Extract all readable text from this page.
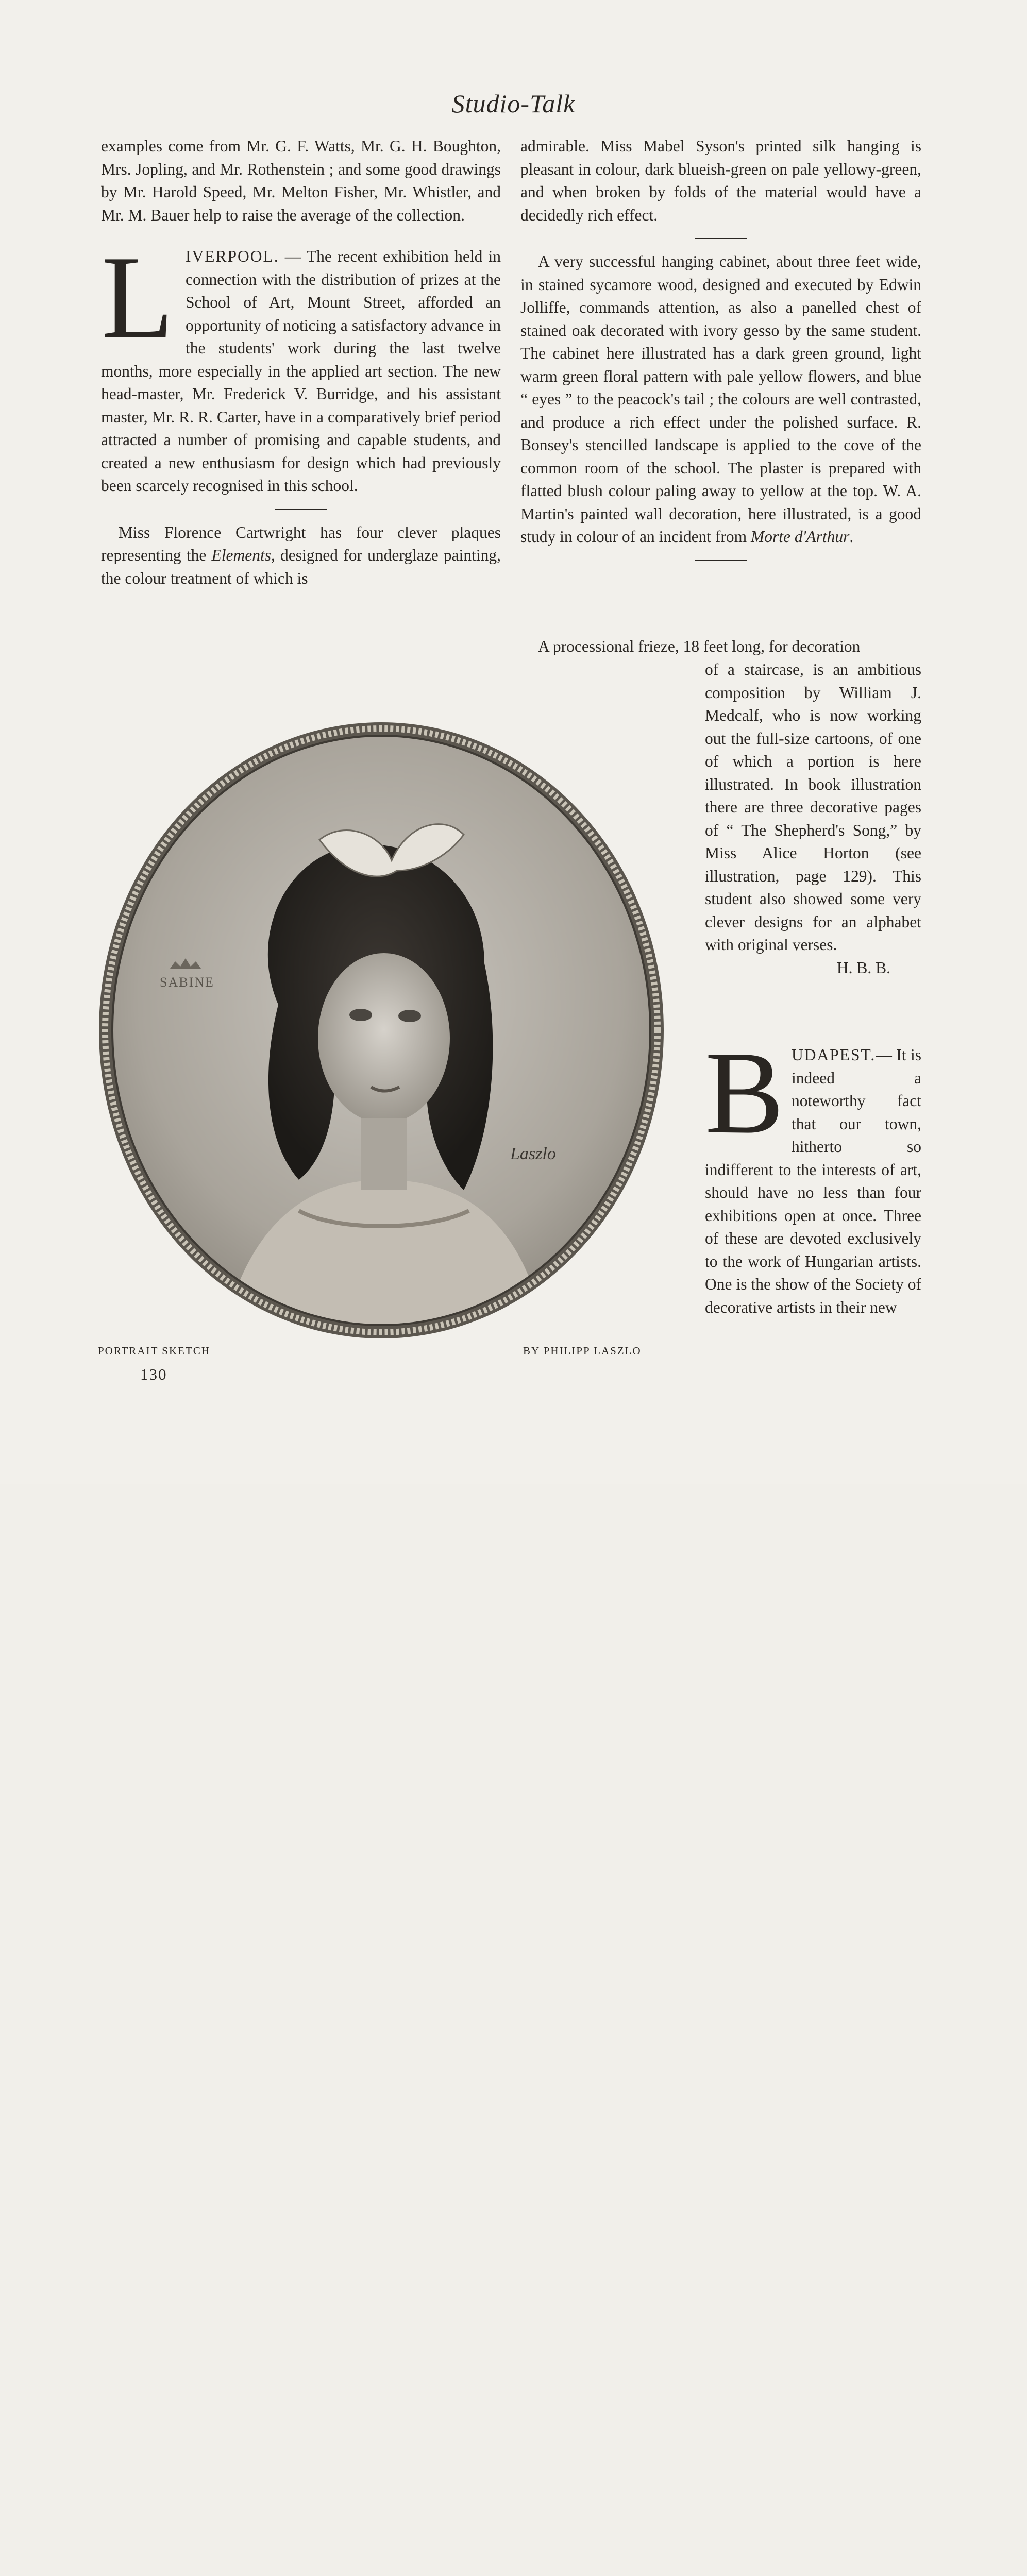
Studio-Talk

examples come from Mr. G. F. Watts, Mr. G. H. Boughton, Mrs. Jopling, and Mr. Rothenstein ; and some good drawings by Mr. Harold Speed, Mr. Melton Fisher, Mr. Whistler, and Mr. M. Bauer help to raise the average of the collection.

LIVERPOOL. — The recent exhibition held in connection with the distribution of prizes at the School of Art, Mount Street, afforded an opportunity of noticing a satisfactory advance in the students' work during the last twelve months, more especially in the applied art section. The new head-master, Mr. Frederick V. Burridge, and his assistant master, Mr. R. R. Carter, have in a comparatively brief period attracted a number of promising and capable students, and created a new enthusiasm for design which had previously been scarcely recognised in this school.

Miss Florence Cartwright has four clever plaques representing the Elements, designed for underglaze painting, the colour treatment of which is

admirable. Miss Mabel Syson's printed silk hanging is pleasant in colour, dark blueish-green on pale yellowy-green, and when broken by folds of the material would have a decidedly rich effect.

A very successful hanging cabinet, about three feet wide, in stained sycamore wood, designed and executed by Edwin Jolliffe, commands attention, as also a panelled chest of stained oak decorated with ivory gesso by the same student. The cabinet here illustrated has a dark green ground, light warm green floral pattern with pale yellow flowers, and blue “ eyes ” to the peacock's tail ; the colours are well contrasted, and produce a rich effect under the polished surface. R. Bonsey's stencilled landscape is applied to the cove of the common room of the school. The plaster is prepared with flatted blush colour paling away to yellow at the top. W. A. Martin's painted wall decoration, here illustrated, is a good study in colour of an incident from Morte d'Arthur.

A processional frieze, 18 feet long, for decoration

of a staircase, is an ambitious composition by William J. Medcalf, who is now working out the full-size cartoons, of one of which a portion is here illustrated. In book illustration there are three decorative pages of “ The Shepherd's Song,” by Miss Alice Horton (see illustration, page 129). This student also showed some very clever designs for an alphabet with original verses.

H. B. B.

BUDAPEST.— It is indeed a noteworthy fact that our town, hitherto so indifferent to the interests of art, should have no less than four exhibitions open at once. Three of these are devoted exclusively to the work of Hungarian artists. One is the show of the Society of decorative artists in their new

SABINE
Laszlo
PORTRAIT SKETCH	BY PHILIPP LASZLO
130
